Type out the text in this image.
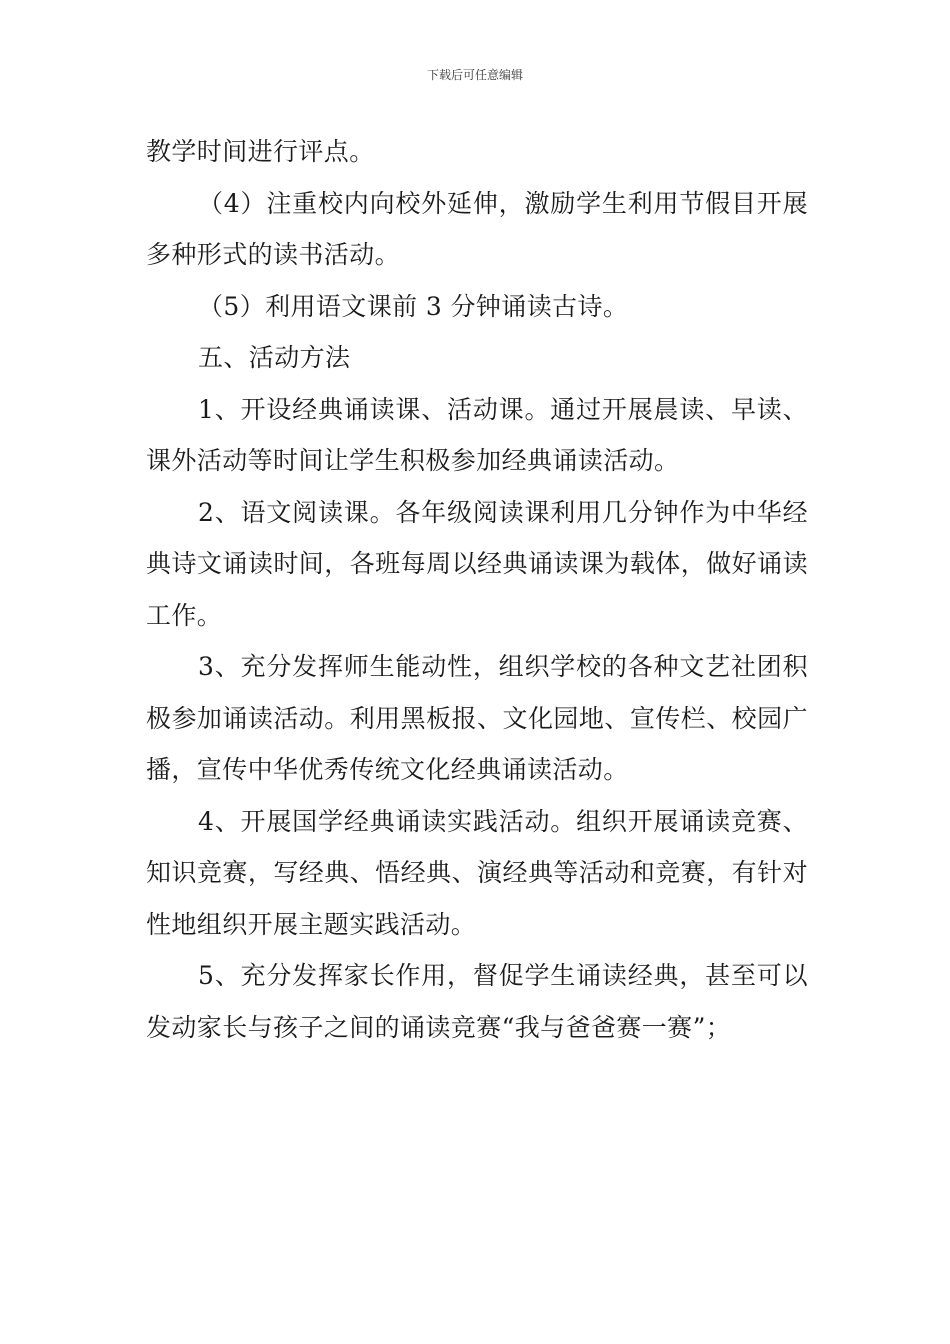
下载后可任意编辑

教学时间进行评点。

（4）注重校内向校外延伸，激励学生利用节假目开展多种形式的读书活动。

（5）利用语文课前 3 分钟诵读古诗。

五、活动方法

1、开设经典诵读课、活动课。通过开展晨读、早读、课外活动等时间让学生积极参加经典诵读活动。

2、语文阅读课。各年级阅读课利用几分钟作为中华经典诗文诵读时间，各班每周以经典诵读课为载体，做好诵读工作。

3、充分发挥师生能动性，组织学校的各种文艺社团积极参加诵读活动。利用黑板报、文化园地、宣传栏、校园广播，宣传中华优秀传统文化经典诵读活动。

4、开展国学经典诵读实践活动。组织开展诵读竞赛、知识竞赛，写经典、悟经典、演经典等活动和竞赛，有针对性地组织开展主题实践活动。

5、充分发挥家长作用，督促学生诵读经典，甚至可以发动家长与孩子之间的诵读竞赛“我与爸爸赛一赛”；
